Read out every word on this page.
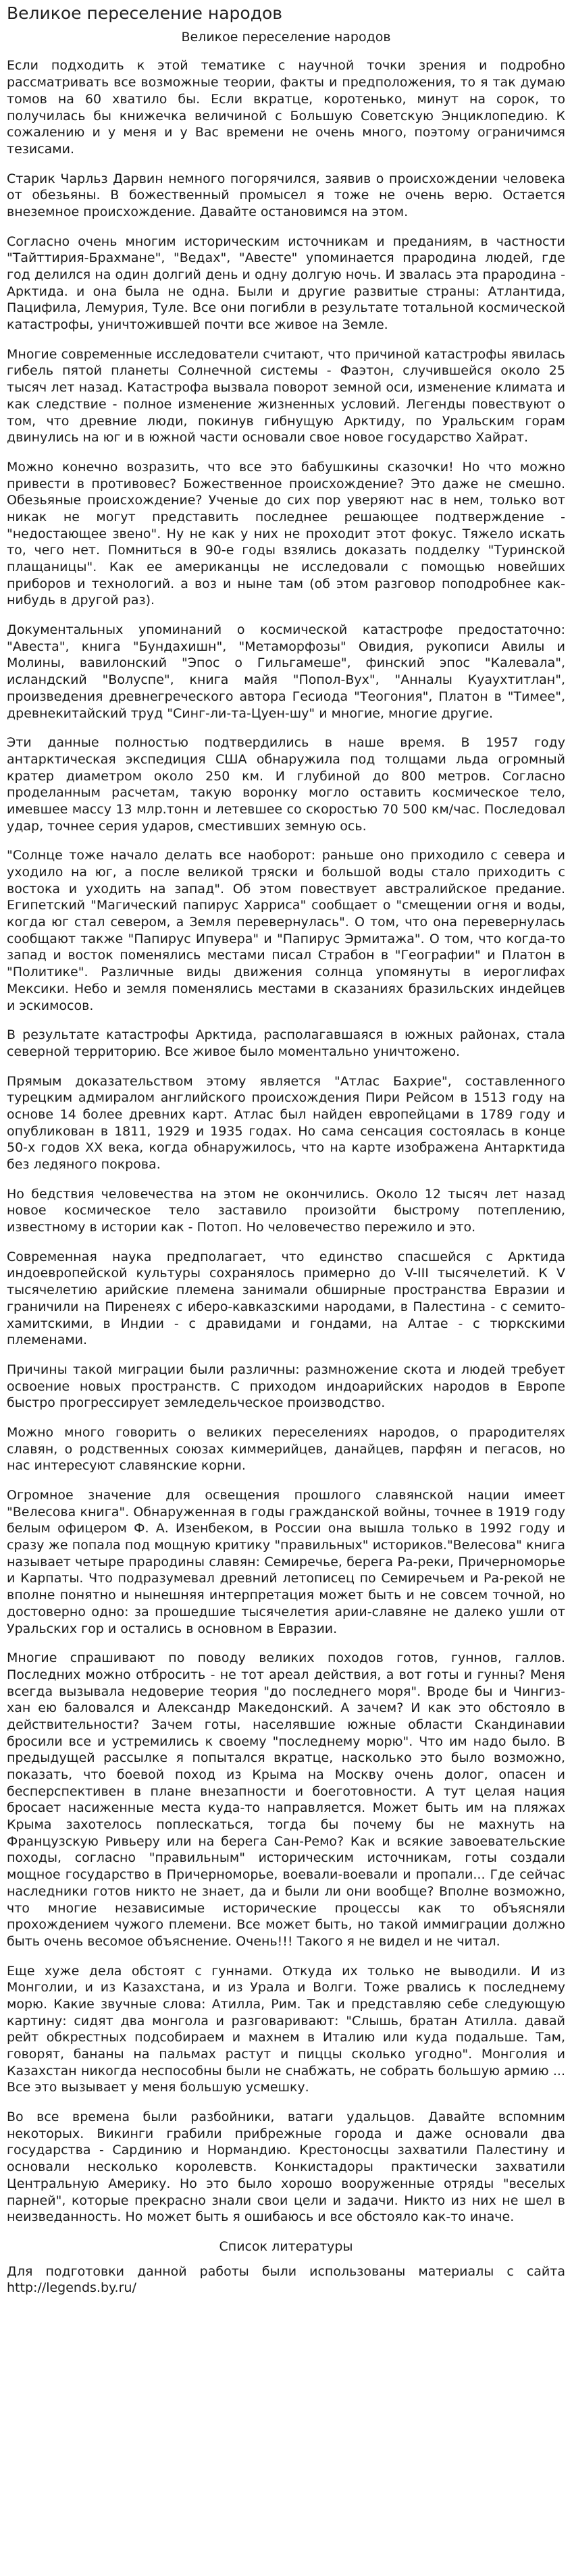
Великое переселение народов
Великое переселение народов

Если подходить к этой тематике с научной точки зрения и подробно рассматривать все возможные теории, факты и предположения, то я так думаю томов на 60 хватило бы. Если вкратце, коротенько, минут на сорок, то получилась бы книжечка величиной с Большую Советскую Энциклопедию. К сожалению и у меня и у Вас времени не очень много, поэтому ограничимся тезисами.

Старик Чарльз Дарвин немного погорячился, заявив о происхождении человека от обезьяны. В божественный промысел я тоже не очень верю. Остается внеземное происхождение. Давайте остановимся на этом.

Согласно очень многим историческим источникам и преданиям, в частности "Тайттирия-Брахмане", "Ведах", "Авесте" упоминается прародина людей, где год делился на один долгий день и одну долгую ночь. И звалась эта прародина - Арктида. и она была не одна. Были и другие развитые страны: Атлантида, Пацифила, Лемурия, Туле. Все они погибли в результате тотальной космической катастрофы, уничтожившей почти все живое на Земле.

Многие современные исследователи считают, что причиной катастрофы явилась гибель пятой планеты Солнечной системы - Фаэтон, случившейся около 25 тысяч лет назад. Катастрофа вызвала поворот земной оси, изменение климата и как следствие - полное изменение жизненных условий. Легенды повествуют о том, что древние люди, покинув гибнущую Арктиду, по Уральским горам двинулись на юг и в южной части основали свое новое государство Хайрат.

Можно конечно возразить, что все это бабушкины сказочки! Но что можно привести в противовес? Божественное происхождение? Это даже не смешно. Обезьяные происхождение? Ученые до сих пор уверяют нас в нем, только вот никак не могут представить последнее решающее подтверждение - "недостающее звено". Ну не как у них не проходит этот фокус. Тяжело искать то, чего нет. Помниться в 90-е годы взялись доказать подделку "Туринской плащаницы". Как ее американцы не исследовали с помощью новейших приборов и технологий. а воз и ныне там (об этом разговор поподробнее как-нибудь в другой раз).

Документальных упоминаний о космической катастрофе предостаточно: "Авеста", книга "Бундахишн", "Метаморфозы" Овидия, рукописи Авилы и Молины, вавилонский "Эпос о Гильгамеше", финский эпос "Калевала", исландский "Волуспе", книга майя "Попол-Вух", "Анналы Куаухтитлан", произведения древнегреческого автора Гесиода "Теогония", Платон в "Тимее", древнекитайский труд "Синг-ли-та-Цуен-шу" и многие, многие другие.

Эти данные полностью подтвердились в наше время. В 1957 году антарктическая экспедиция США обнаружила под толщами льда огромный кратер диаметром около 250 км. И глубиной до 800 метров. Согласно проделанным расчетам, такую воронку могло оставить космическое тело, имевшее массу 13 млр.тонн и летевшее со скоростью 70 500 км/час. Последовал удар, точнее серия ударов, сместивших земную ось.

"Солнце тоже начало делать все наоборот: раньше оно приходило с севера и уходило на юг, а после великой тряски и большой воды стало приходить с востока и уходить на запад". Об этом повествует австралийское предание. Египетский "Магический папирус Харриса" сообщает о "смещении огня и воды, когда юг стал севером, а Земля перевернулась". О том, что она перевернулась сообщают также "Папирус Ипувера" и "Папирус Эрмитажа". О том, что когда-то запад и восток поменялись местами писал Страбон в "Географии" и Платон в "Политике". Различные виды движения солнца упомянуты в иероглифах Мексики. Небо и земля поменялись местами в сказаниях бразильских индейцев и эскимосов.

В результате катастрофы Арктида, располагавшаяся в южных районах, стала северной территорию. Все живое было моментально уничтожено.

Прямым доказательством этому является "Атлас Бахрие", составленного турецким адмиралом английского происхождения Пири Рейсом в 1513 году на основе 14 более древних карт. Атлас был найден европейцами в 1789 году и опубликован в 1811, 1929 и 1935 годах. Но сама сенсация состоялась в конце 50-х годов XX века, когда обнаружилось, что на карте изображена Антарктида без ледяного покрова.

Но бедствия человечества на этом не окончились. Около 12 тысяч лет назад новое космическое тело заставило произойти быстрому потеплению, известному в истории как - Потоп. Но человечество пережило и это.

Современная наука предполагает, что единство спасшейся с Арктида индоевропейской культуры сохранялось примерно до V-III тысячелетий. К V тысячелетию арийские племена занимали обширные пространства Евразии и граничили на Пиренеях с иберо-кавказскими народами, в Палестина - с семито-хамитскими, в Индии - с дравидами и гондами, на Алтае - с тюркскими племенами.

Причины такой миграции были различны: размножение скота и людей требует освоение новых пространств. С приходом индоарийских народов в Европе быстро прогрессирует земледельческое производство.

Можно много говорить о великих переселениях народов, о прародителях славян, о родственных союзах киммерийцев, данайцев, парфян и пегасов, но нас интересуют славянские корни.

Огромное значение для освещения прошлого славянской нации имеет "Велесова книга". Обнаруженная в годы гражданской войны, точнее в 1919 году белым офицером Ф. А. Изенбеком, в России она вышла только в 1992 году и сразу же попала под мощную критику "правильных" историков."Велесова" книга называет четыре прародины славян: Семиречье, берега Ра-реки, Причерноморье и Карпаты. Что подразумевал древний летописец по Семиречьем и Ра-рекой не вполне понятно и нынешняя интерпретация может быть и не совсем точной, но достоверно одно: за прошедшие тысячелетия арии-славяне не далеко ушли от Уральских гор и остались в основном в Евразии.

Многие спрашивают по поводу великих походов готов, гуннов, галлов. Последних можно отбросить - не тот ареал действия, а вот готы и гунны? Меня всегда вызывала недоверие теория "до последнего моря". Вроде бы и Чингиз-хан ею баловался и Александр Македонский. А зачем? И как это обстояло в действительности? Зачем готы, населявшие южные области Скандинавии бросили все и устремились к своему "последнему морю". Что им надо было. В предыдущей рассылке я попытался вкратце, насколько это было возможно, показать, что боевой поход из Крыма на Москву очень долог, опасен и бесперспективен в плане внезапности и боеготовности. А тут целая нация бросает насиженные места куда-то направляется. Может быть им на пляжах Крыма захотелось поплескаться, тогда бы почему бы не махнуть на Французскую Ривьеру или на берега Сан-Ремо? Как и всякие завоевательские походы, согласно "правильным" историческим источникам, готы создали мощное государство в Причерноморье, воевали-воевали и пропали... Где сейчас наследники готов никто не знает, да и были ли они вообще? Вполне возможно, что многие независимые исторические процессы как то объясняли прохождением чужого племени. Все может быть, но такой иммиграции должно быть очень весомое объяснение. Очень!!! Такого я не видел и не читал.

Еще хуже дела обстоят с гуннами. Откуда их только не выводили. И из Монголии, и из Казахстана, и из Урала и Волги. Тоже рвались к последнему морю. Какие звучные слова: Атилла, Рим. Так и представляю себе следующую картину: сидят два монгола и разговаривают: "Слышь, братан Атилла. давай рейт обкрестных подсобираем и махнем в Италию или куда подальше. Там, говорят, бананы на пальмах растут и пиццы сколько угодно". Монголия и Казахстан никогда неспособны были не снабжать, не собрать большую армию ... Все это вызывает у меня большую усмешку.

Во все времена были разбойники, ватаги удальцов. Давайте вспомним некоторых. Викинги грабили прибрежные города и даже основали два государства - Сардинию и Нормандию. Крестоносцы захватили Палестину и основали несколько королевств. Конкистадоры практически захватили Центральную Америку. Но это было хорошо вооруженные отряды "веселых парней", которые прекрасно знали свои цели и задачи. Никто из них не шел в неизведанность. Но может быть я ошибаюсь и все обстояло как-то иначе.

Список литературы

Для подготовки данной работы были использованы материалы с сайта http://legends.by.ru/
